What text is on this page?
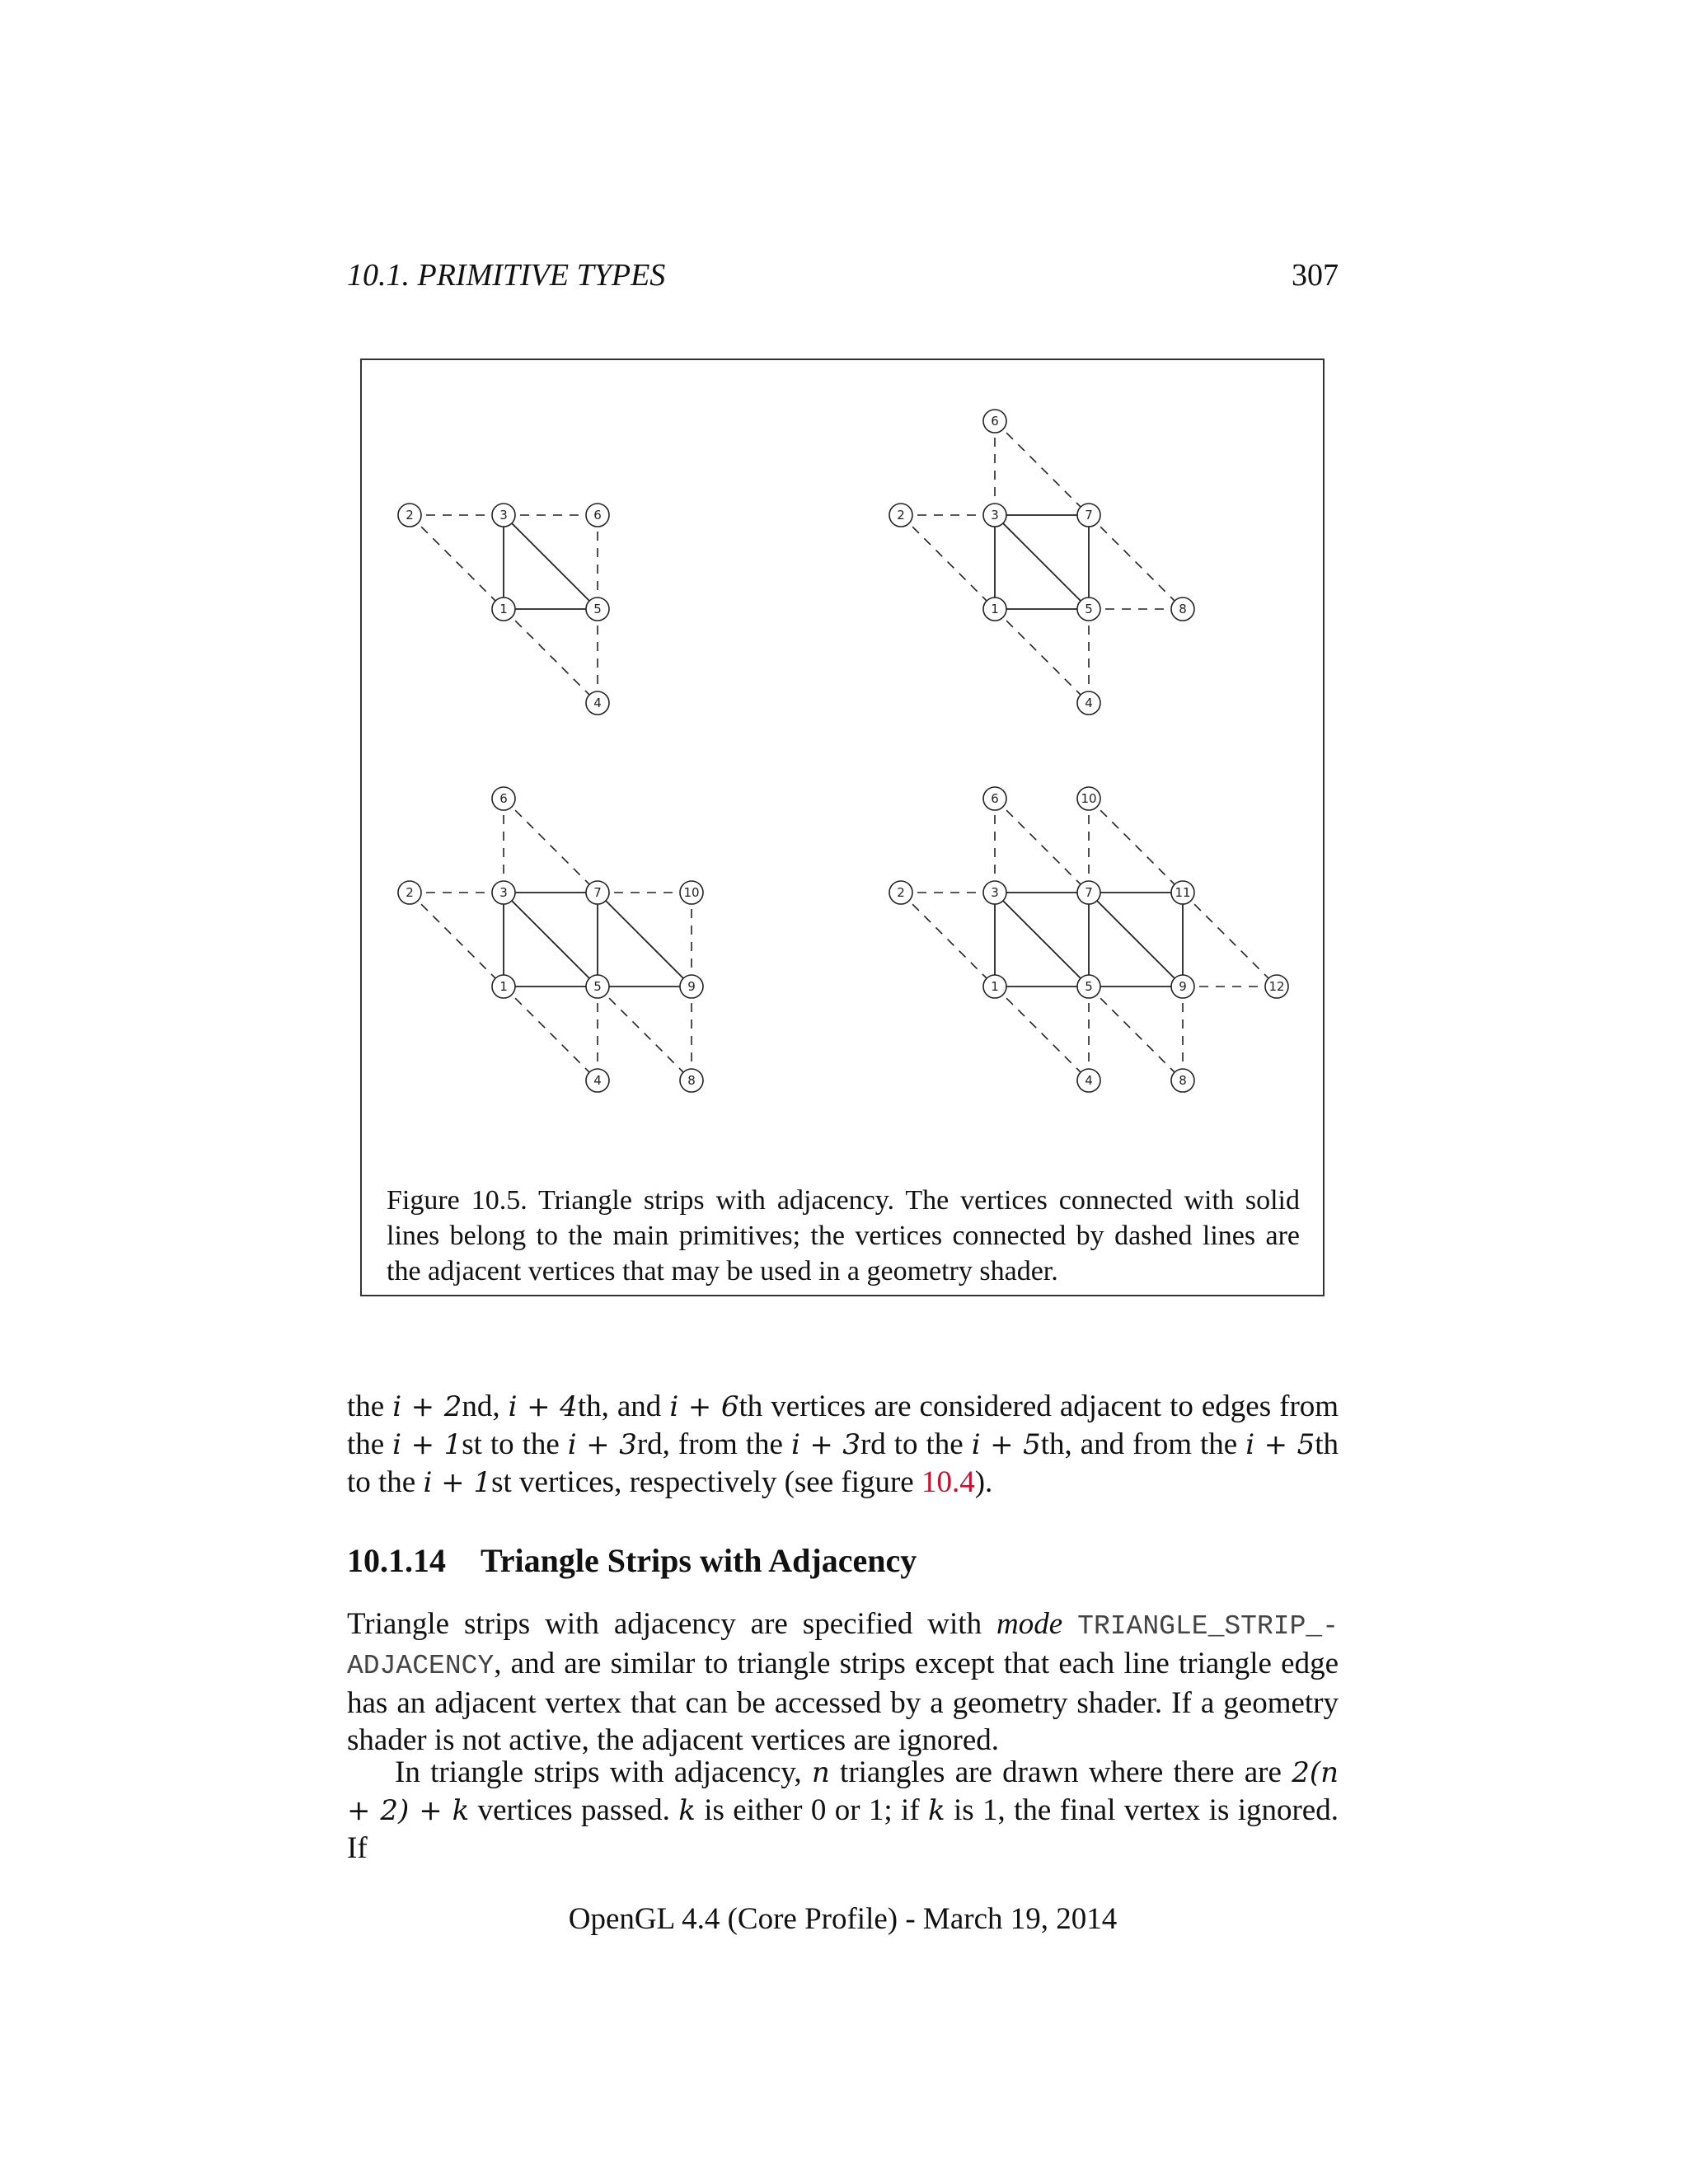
10.1. PRIMITIVE TYPES	307
2	3	6
1	5
4
6
2	3	7
1	5	8
4
6
2	3	7	10
1	5	9
4	8
6	10
2	3	7	11
1	5	9	12
4	8
Figure 10.5. Triangle strips with adjacency. The vertices connected with solid lines belong to the main primitives; the vertices connected by dashed lines are the adjacent vertices that may be used in a geometry shader.
the i + 2nd, i + 4th, and i + 6th vertices are considered adjacent to edges from the i + 1st to the i + 3rd, from the i + 3rd to the i + 5th, and from the i + 5th to the i + 1st vertices, respectively (see figure 10.4).
10.1.14 Triangle Strips with Adjacency
Triangle strips with adjacency are specified with mode TRIANGLE_STRIP_-ADJACENCY, and are similar to triangle strips except that each line triangle edge has an adjacent vertex that can be accessed by a geometry shader. If a geometry shader is not active, the adjacent vertices are ignored.
In triangle strips with adjacency, n triangles are drawn where there are 2(n + 2) + k vertices passed. k is either 0 or 1; if k is 1, the final vertex is ignored. If
OpenGL 4.4 (Core Profile) - March 19, 2014
